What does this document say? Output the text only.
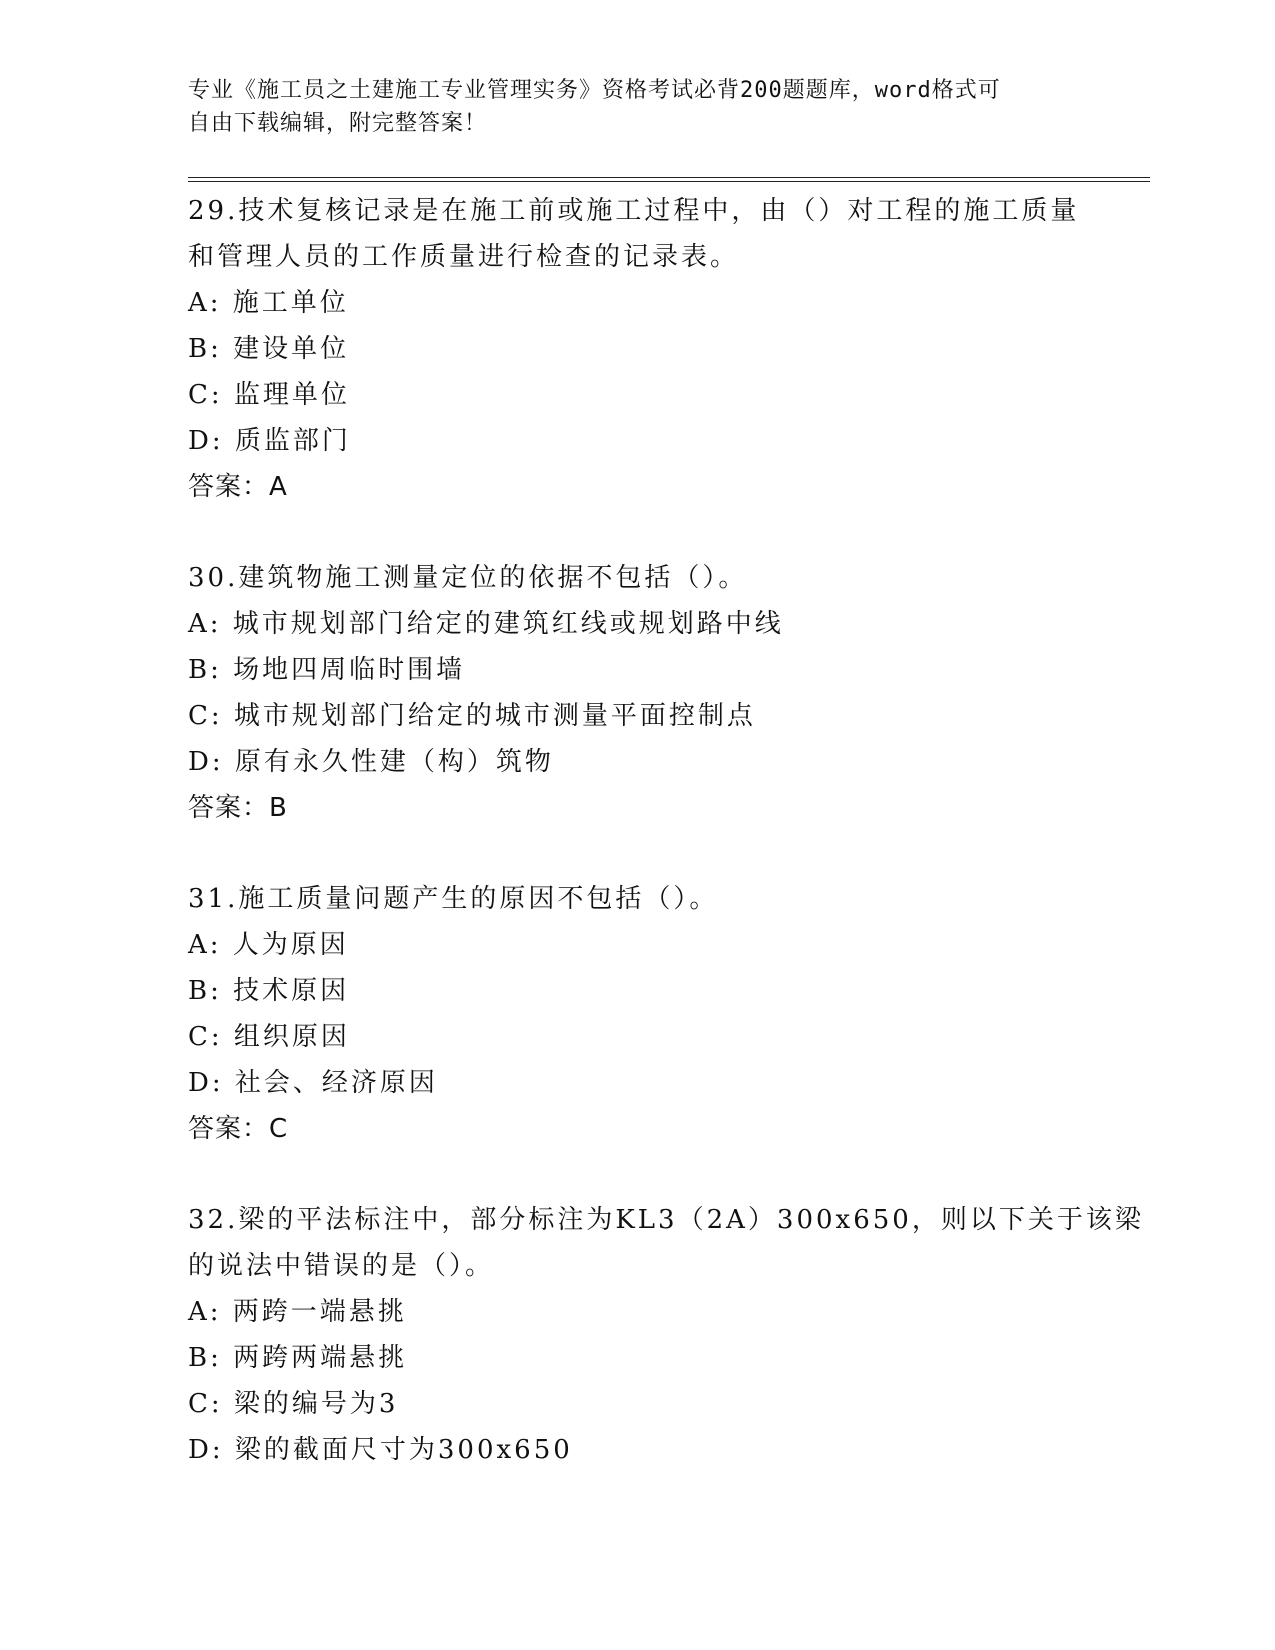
专业《施工员之土建施工专业管理实务》资格考试必背200题题库，word格式可
自由下载编辑，附完整答案！
29.技术复核记录是在施工前或施工过程中，由（）对工程的施工质量
和管理人员的工作质量进行检查的记录表。
A: 施工单位
B: 建设单位
C: 监理单位
D: 质监部门
答案：A
30.建筑物施工测量定位的依据不包括（）。
A: 城市规划部门给定的建筑红线或规划路中线
B: 场地四周临时围墙
C: 城市规划部门给定的城市测量平面控制点
D: 原有永久性建（构）筑物
答案：B
31.施工质量问题产生的原因不包括（）。
A: 人为原因
B: 技术原因
C: 组织原因
D: 社会、经济原因
答案：C
32.梁的平法标注中，部分标注为KL3（2A）300x650，则以下关于该梁
的说法中错误的是（）。
A: 两跨一端悬挑
B: 两跨两端悬挑
C: 梁的编号为3
D: 梁的截面尺寸为300x650
